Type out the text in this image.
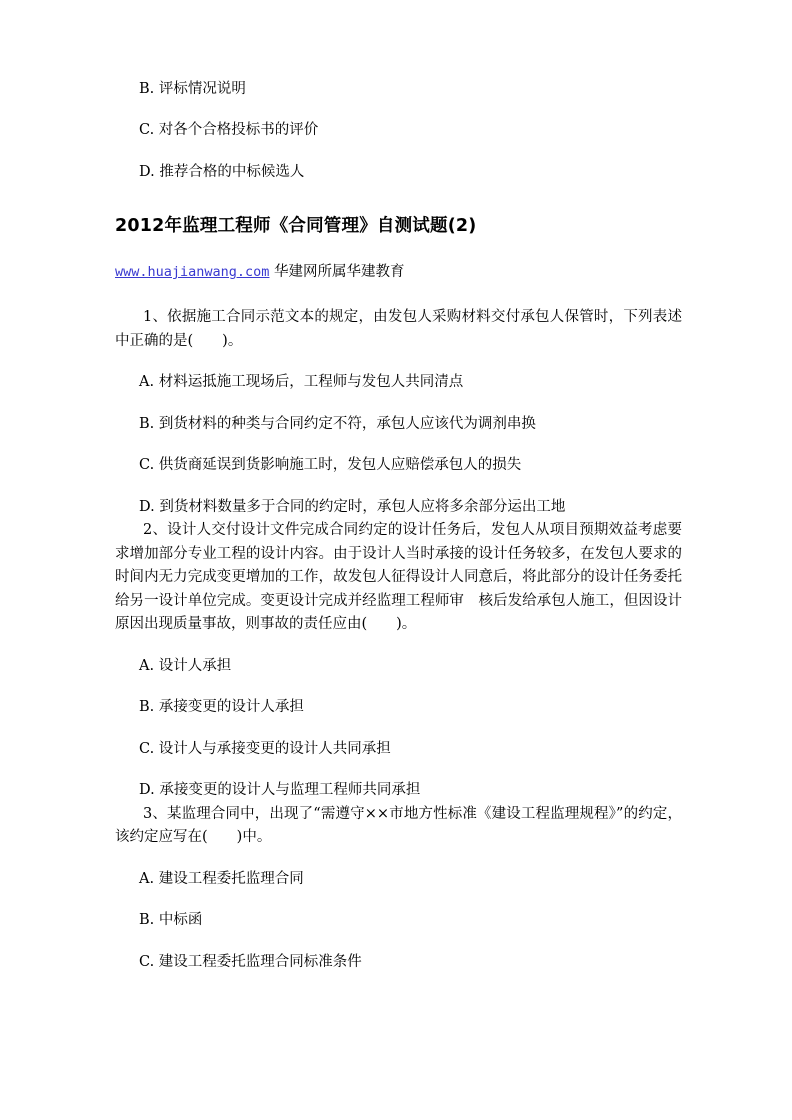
B. 评标情况说明

C. 对各个合格投标书的评价

D. 推荐合格的中标候选人

2012年监理工程师《合同管理》自测试题(2)

www.huajianwang.com 华建网所属华建教育

1、依据施工合同示范文本的规定，由发包人采购材料交付承包人保管时，下列表述中正确的是(　　)。

A. 材料运抵施工现场后，工程师与发包人共同清点

B. 到货材料的种类与合同约定不符，承包人应该代为调剂串换

C. 供货商延误到货影响施工时，发包人应赔偿承包人的损失

D. 到货材料数量多于合同的约定时，承包人应将多余部分运出工地

2、设计人交付设计文件完成合同约定的设计任务后，发包人从项目预期效益考虑要求增加部分专业工程的设计内容。由于设计人当时承接的设计任务较多，在发包人要求的时间内无力完成变更增加的工作，故发包人征得设计人同意后，将此部分的设计任务委托给另一设计单位完成。变更设计完成并经监理工程师审　核后发给承包人施工，但因设计原因出现质量事故，则事故的责任应由(　　)。

A. 设计人承担

B. 承接变更的设计人承担

C. 设计人与承接变更的设计人共同承担

D. 承接变更的设计人与监理工程师共同承担

3、某监理合同中，出现了“需遵守××市地方性标准《建设工程监理规程》”的约定，该约定应写在(　　)中。

A. 建设工程委托监理合同

B. 中标函

C. 建设工程委托监理合同标准条件
